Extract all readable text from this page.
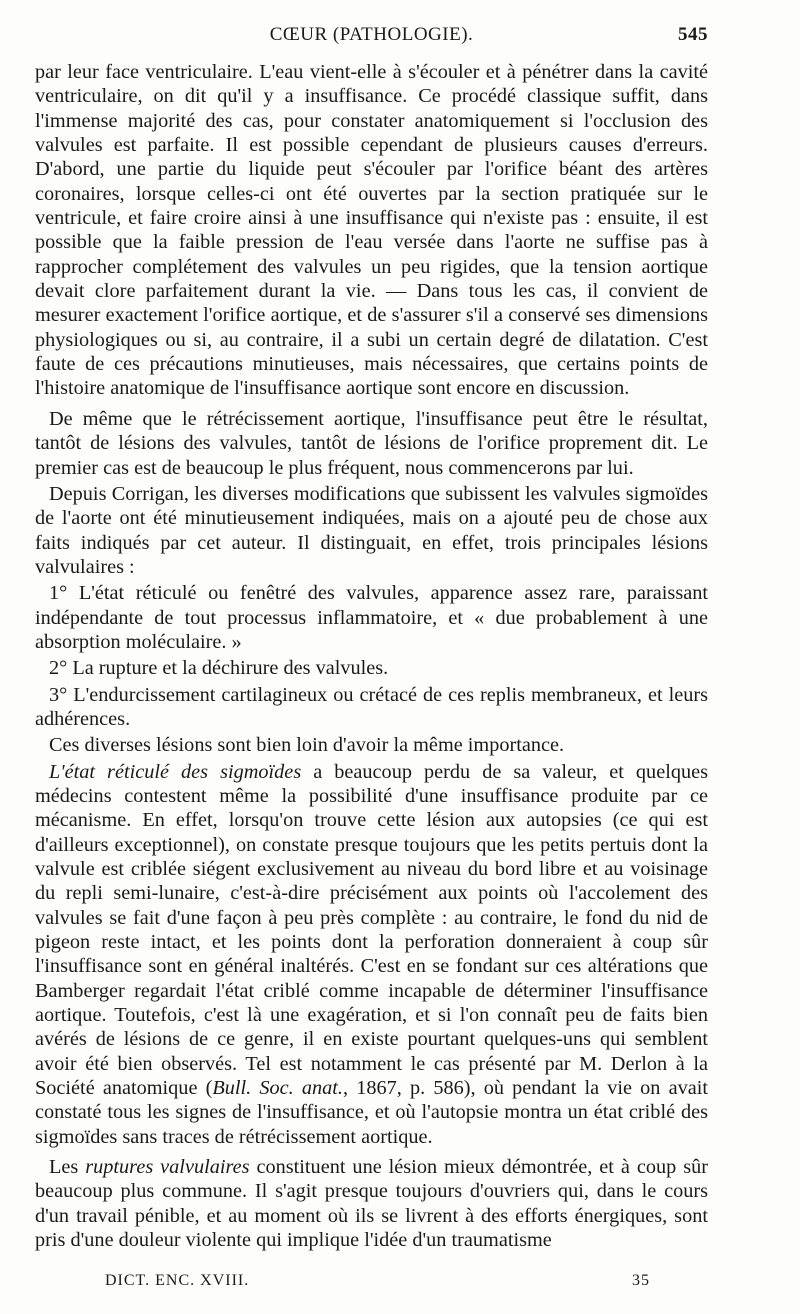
CŒUR (PATHOLOGIE).	545

par leur face ventriculaire. L'eau vient-elle à s'écouler et à pénétrer dans la cavité ventriculaire, on dit qu'il y a insuffisance. Ce procédé classique suffit, dans l'immense majorité des cas, pour constater anatomiquement si l'occlusion des valvules est parfaite. Il est possible cependant de plusieurs causes d'erreurs. D'abord, une partie du liquide peut s'écouler par l'orifice béant des artères coronaires, lorsque celles-ci ont été ouvertes par la section pratiquée sur le ventricule, et faire croire ainsi à une insuffisance qui n'existe pas : ensuite, il est possible que la faible pression de l'eau versée dans l'aorte ne suffise pas à rapprocher complétement des valvules un peu rigides, que la tension aortique devait clore parfaitement durant la vie. — Dans tous les cas, il convient de mesurer exactement l'orifice aortique, et de s'assurer s'il a conservé ses dimensions physiologiques ou si, au contraire, il a subi un certain degré de dilatation. C'est faute de ces précautions minutieuses, mais nécessaires, que certains points de l'histoire anatomique de l'insuffisance aortique sont encore en discussion.

De même que le rétrécissement aortique, l'insuffisance peut être le résultat, tantôt de lésions des valvules, tantôt de lésions de l'orifice proprement dit. Le premier cas est de beaucoup le plus fréquent, nous commencerons par lui.

Depuis Corrigan, les diverses modifications que subissent les valvules sigmoïdes de l'aorte ont été minutieusement indiquées, mais on a ajouté peu de chose aux faits indiqués par cet auteur. Il distinguait, en effet, trois principales lésions valvulaires :

1° L'état réticulé ou fenêtré des valvules, apparence assez rare, paraissant indépendante de tout processus inflammatoire, et « due probablement à une absorption moléculaire. »

2° La rupture et la déchirure des valvules.

3° L'endurcissement cartilagineux ou crétacé de ces replis membraneux, et leurs adhérences.

Ces diverses lésions sont bien loin d'avoir la même importance.

L'état réticulé des sigmoïdes a beaucoup perdu de sa valeur, et quelques médecins contestent même la possibilité d'une insuffisance produite par ce mécanisme. En effet, lorsqu'on trouve cette lésion aux autopsies (ce qui est d'ailleurs exceptionnel), on constate presque toujours que les petits pertuis dont la valvule est criblée siégent exclusivement au niveau du bord libre et au voisinage du repli semi-lunaire, c'est-à-dire précisément aux points où l'accolement des valvules se fait d'une façon à peu près complète : au contraire, le fond du nid de pigeon reste intact, et les points dont la perforation donneraient à coup sûr l'insuffisance sont en général inaltérés. C'est en se fondant sur ces altérations que Bamberger regardait l'état criblé comme incapable de déterminer l'insuffisance aortique. Toutefois, c'est là une exagération, et si l'on connaît peu de faits bien avérés de lésions de ce genre, il en existe pourtant quelques-uns qui semblent avoir été bien observés. Tel est notamment le cas présenté par M. Derlon à la Société anatomique (Bull. Soc. anat., 1867, p. 586), où pendant la vie on avait constaté tous les signes de l'insuffisance, et où l'autopsie montra un état criblé des sigmoïdes sans traces de rétrécissement aortique.

Les ruptures valvulaires constituent une lésion mieux démontrée, et à coup sûr beaucoup plus commune. Il s'agit presque toujours d'ouvriers qui, dans le cours d'un travail pénible, et au moment où ils se livrent à des efforts énergiques, sont pris d'une douleur violente qui implique l'idée d'un traumatisme

DICT. ENC. XVIII.	35
